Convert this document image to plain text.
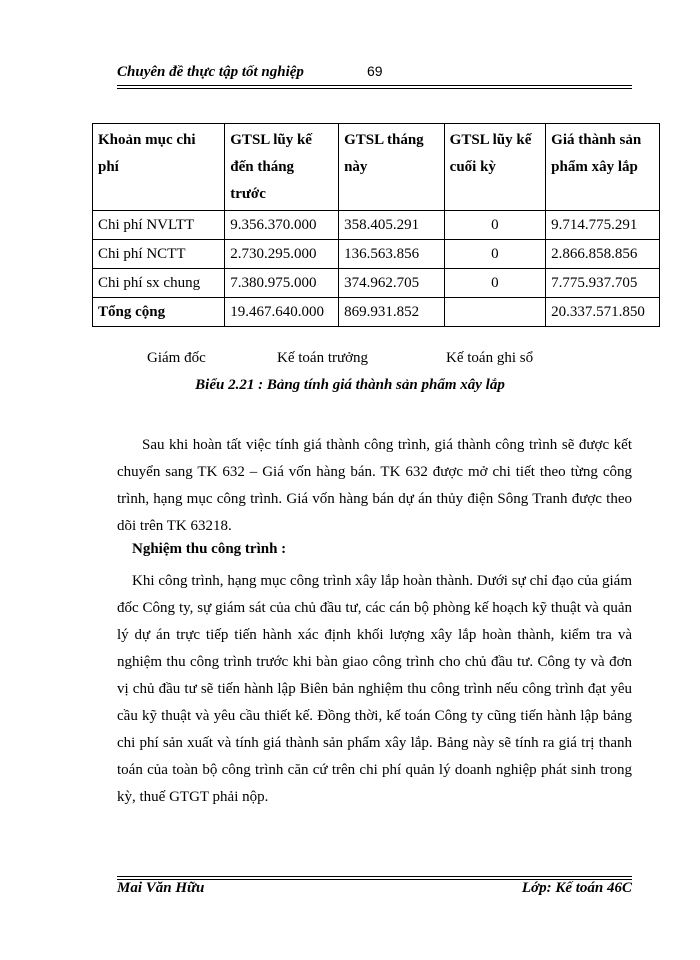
Chuyên đề thực tập tốt nghiệp	69
Khoản mục chi phí	GTSL lũy kế đến tháng trước	GTSL tháng này	GTSL lũy kế cuối kỳ	Giá thành sản phẩm xây lắp
Chi phí NVLTT	9.356.370.000	358.405.291	0	9.714.775.291
Chi phí NCTT	2.730.295.000	136.563.856	0	2.866.858.856
Chi phí sx chung	7.380.975.000	374.962.705	0	7.775.937.705
Tổng cộng	19.467.640.000	869.931.852		20.337.571.850
Giám đốc	Kế toán trưởng	Kế toán ghi sổ
Biểu 2.21 : Bảng tính giá thành sản phẩm xây lắp
Sau khi hoàn tất việc tính giá thành công trình, giá thành công trình sẽ được kết chuyển sang TK 632 – Giá vốn hàng bán. TK 632 được mở chi tiết theo từng công trình, hạng mục công trình. Giá vốn hàng bán dự án thủy điện Sông Tranh được theo dõi trên TK 63218.
Nghiệm thu công trình :
Khi công trình, hạng mục công trình xây lắp hoàn thành. Dưới sự chỉ đạo của giám đốc Công ty, sự giám sát của chủ đầu tư, các cán bộ phòng kế hoạch kỹ thuật và quản lý dự án trực tiếp tiến hành xác định khối lượng xây lắp hoàn thành, kiểm tra và nghiệm thu công trình trước khi bàn giao công trình cho chủ đầu tư. Công ty và đơn vị chủ đầu tư sẽ tiến hành lập Biên bản nghiệm thu công trình nếu công trình đạt yêu cầu kỹ thuật và yêu cầu thiết kế. Đồng thời, kế toán Công ty cũng tiến hành lập bảng chi phí sản xuất và tính giá thành sản phẩm xây lắp. Bảng này sẽ tính ra giá trị thanh toán của toàn bộ công trình căn cứ trên chi phí quản lý doanh nghiệp phát sinh trong kỳ, thuế GTGT phải nộp.
Mai Văn Hữu	Lớp: Kế toán 46C
